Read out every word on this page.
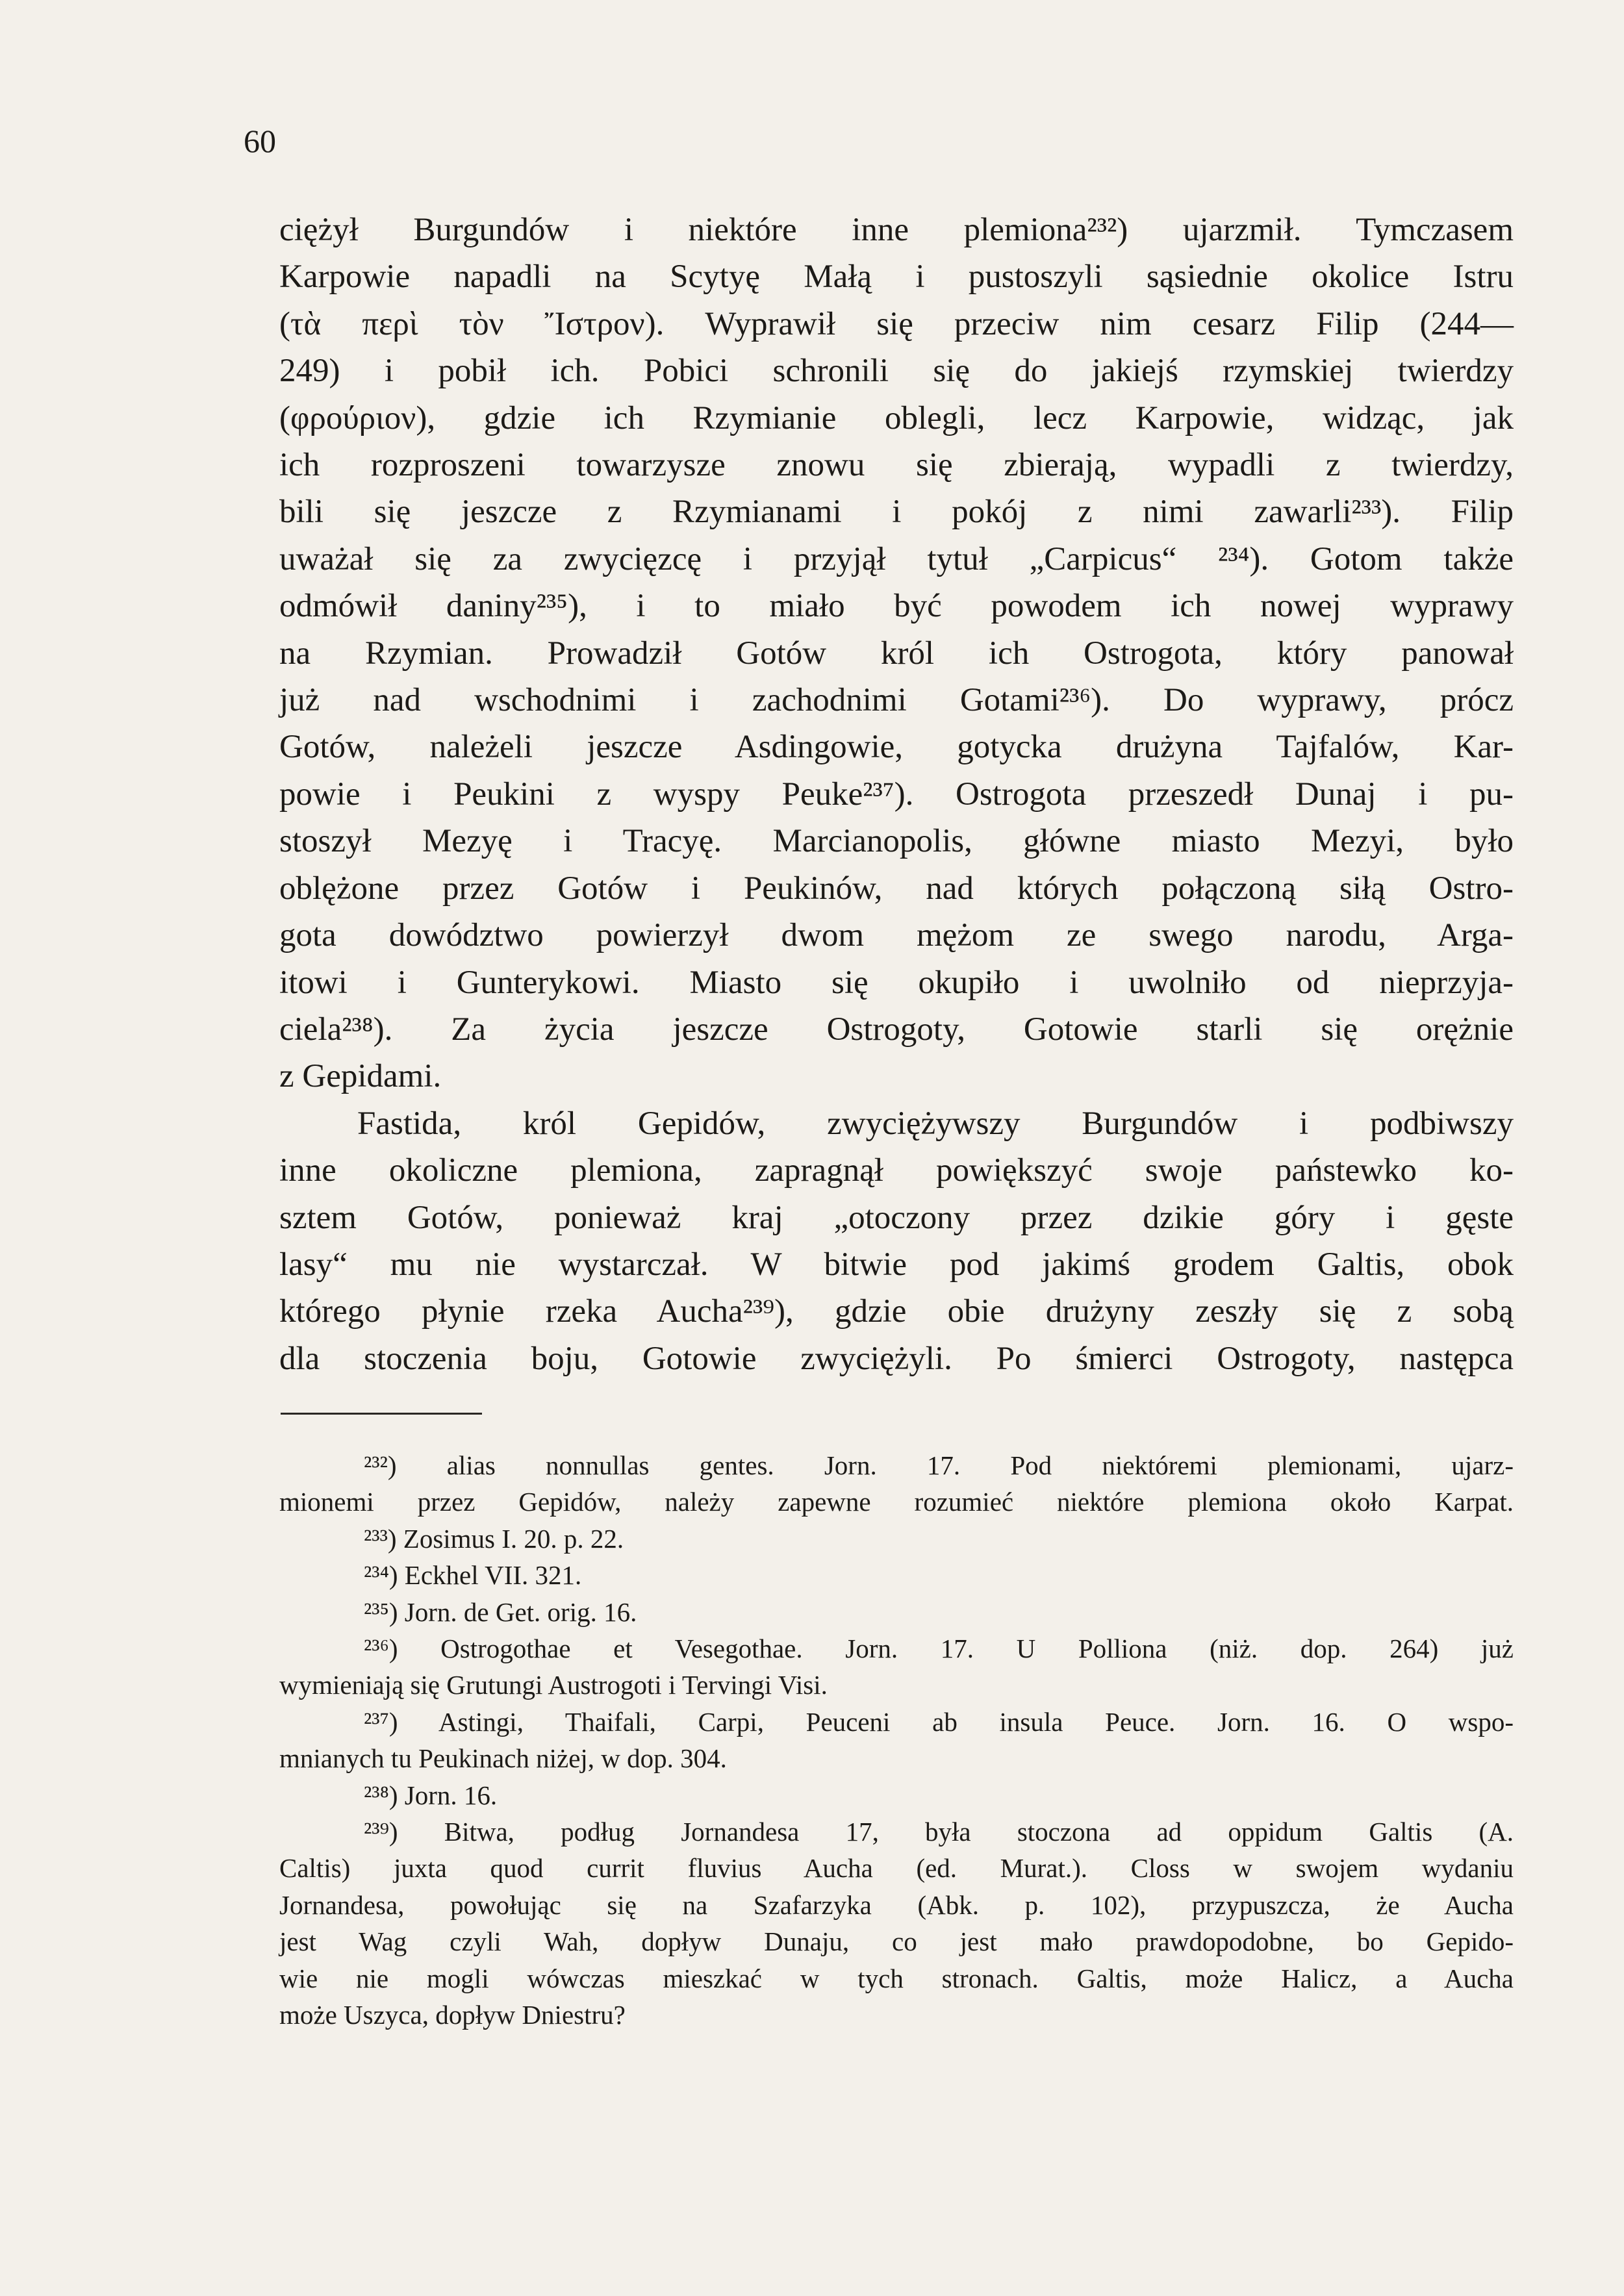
60
ciężył Burgundów i niektóre inne plemiona²³²) ujarzmił. Tymczasem
Karpowie napadli na Scytyę Małą i pustoszyli sąsiednie okolice Istru
(τὰ περὶ τὸν Ἴστρον). Wyprawił się przeciw nim cesarz Filip (244—
249) i pobił ich. Pobici schronili się do jakiejś rzymskiej twierdzy
(φρούριον), gdzie ich Rzymianie oblegli, lecz Karpowie, widząc, jak
ich rozproszeni towarzysze znowu się zbierają, wypadli z twierdzy,
bili się jeszcze z Rzymianami i pokój z nimi zawarli²³³). Filip
uważał się za zwycięzcę i przyjął tytuł „Carpicus“ ²³⁴). Gotom także
odmówił daniny²³⁵), i to miało być powodem ich nowej wyprawy
na Rzymian. Prowadził Gotów król ich Ostrogota, który panował
już nad wschodnimi i zachodnimi Gotami²³⁶). Do wyprawy, prócz
Gotów, należeli jeszcze Asdingowie, gotycka drużyna Tajfalów, Kar-
powie i Peukini z wyspy Peuke²³⁷). Ostrogota przeszedł Dunaj i pu-
stoszył Mezyę i Tracyę. Marcianopolis, główne miasto Mezyi, było
oblężone przez Gotów i Peukinów, nad których połączoną siłą Ostro-
gota dowództwo powierzył dwom mężom ze swego narodu, Arga-
itowi i Gunterykowi. Miasto się okupiło i uwolniło od nieprzyja-
ciela²³⁸). Za życia jeszcze Ostrogoty, Gotowie starli się orężnie
z Gepidami.
Fastida, król Gepidów, zwyciężywszy Burgundów i podbiwszy
inne okoliczne plemiona, zapragnął powiększyć swoje państewko ko-
sztem Gotów, ponieważ kraj „otoczony przez dzikie góry i gęste
lasy“ mu nie wystarczał. W bitwie pod jakimś grodem Galtis, obok
którego płynie rzeka Aucha²³⁹), gdzie obie drużyny zeszły się z sobą
dla stoczenia boju, Gotowie zwyciężyli. Po śmierci Ostrogoty, następca
²³²) alias nonnullas gentes. Jorn. 17. Pod niektóremi plemionami, ujarz-
mionemi przez Gepidów, należy zapewne rozumieć niektóre plemiona około Karpat.
²³³) Zosimus I. 20. p. 22.
²³⁴) Eckhel VII. 321.
²³⁵) Jorn. de Get. orig. 16.
²³⁶) Ostrogothae et Vesegothae. Jorn. 17. U Polliona (niż. dop. 264) już
wymieniają się Grutungi Austrogoti i Tervingi Visi.
²³⁷) Astingi, Thaifali, Carpi, Peuceni ab insula Peuce. Jorn. 16. O wspo-
mnianych tu Peukinach niżej, w dop. 304.
²³⁸) Jorn. 16.
²³⁹) Bitwa, podług Jornandesa 17, była stoczona ad oppidum Galtis (A.
Caltis) juxta quod currit fluvius Aucha (ed. Murat.). Closs w swojem wydaniu
Jornandesa, powołując się na Szafarzyka (Abk. p. 102), przypuszcza, że Aucha
jest Wag czyli Wah, dopływ Dunaju, co jest mało prawdopodobne, bo Gepido-
wie nie mogli wówczas mieszkać w tych stronach. Galtis, może Halicz, a Aucha
może Uszyca, dopływ Dniestru?
